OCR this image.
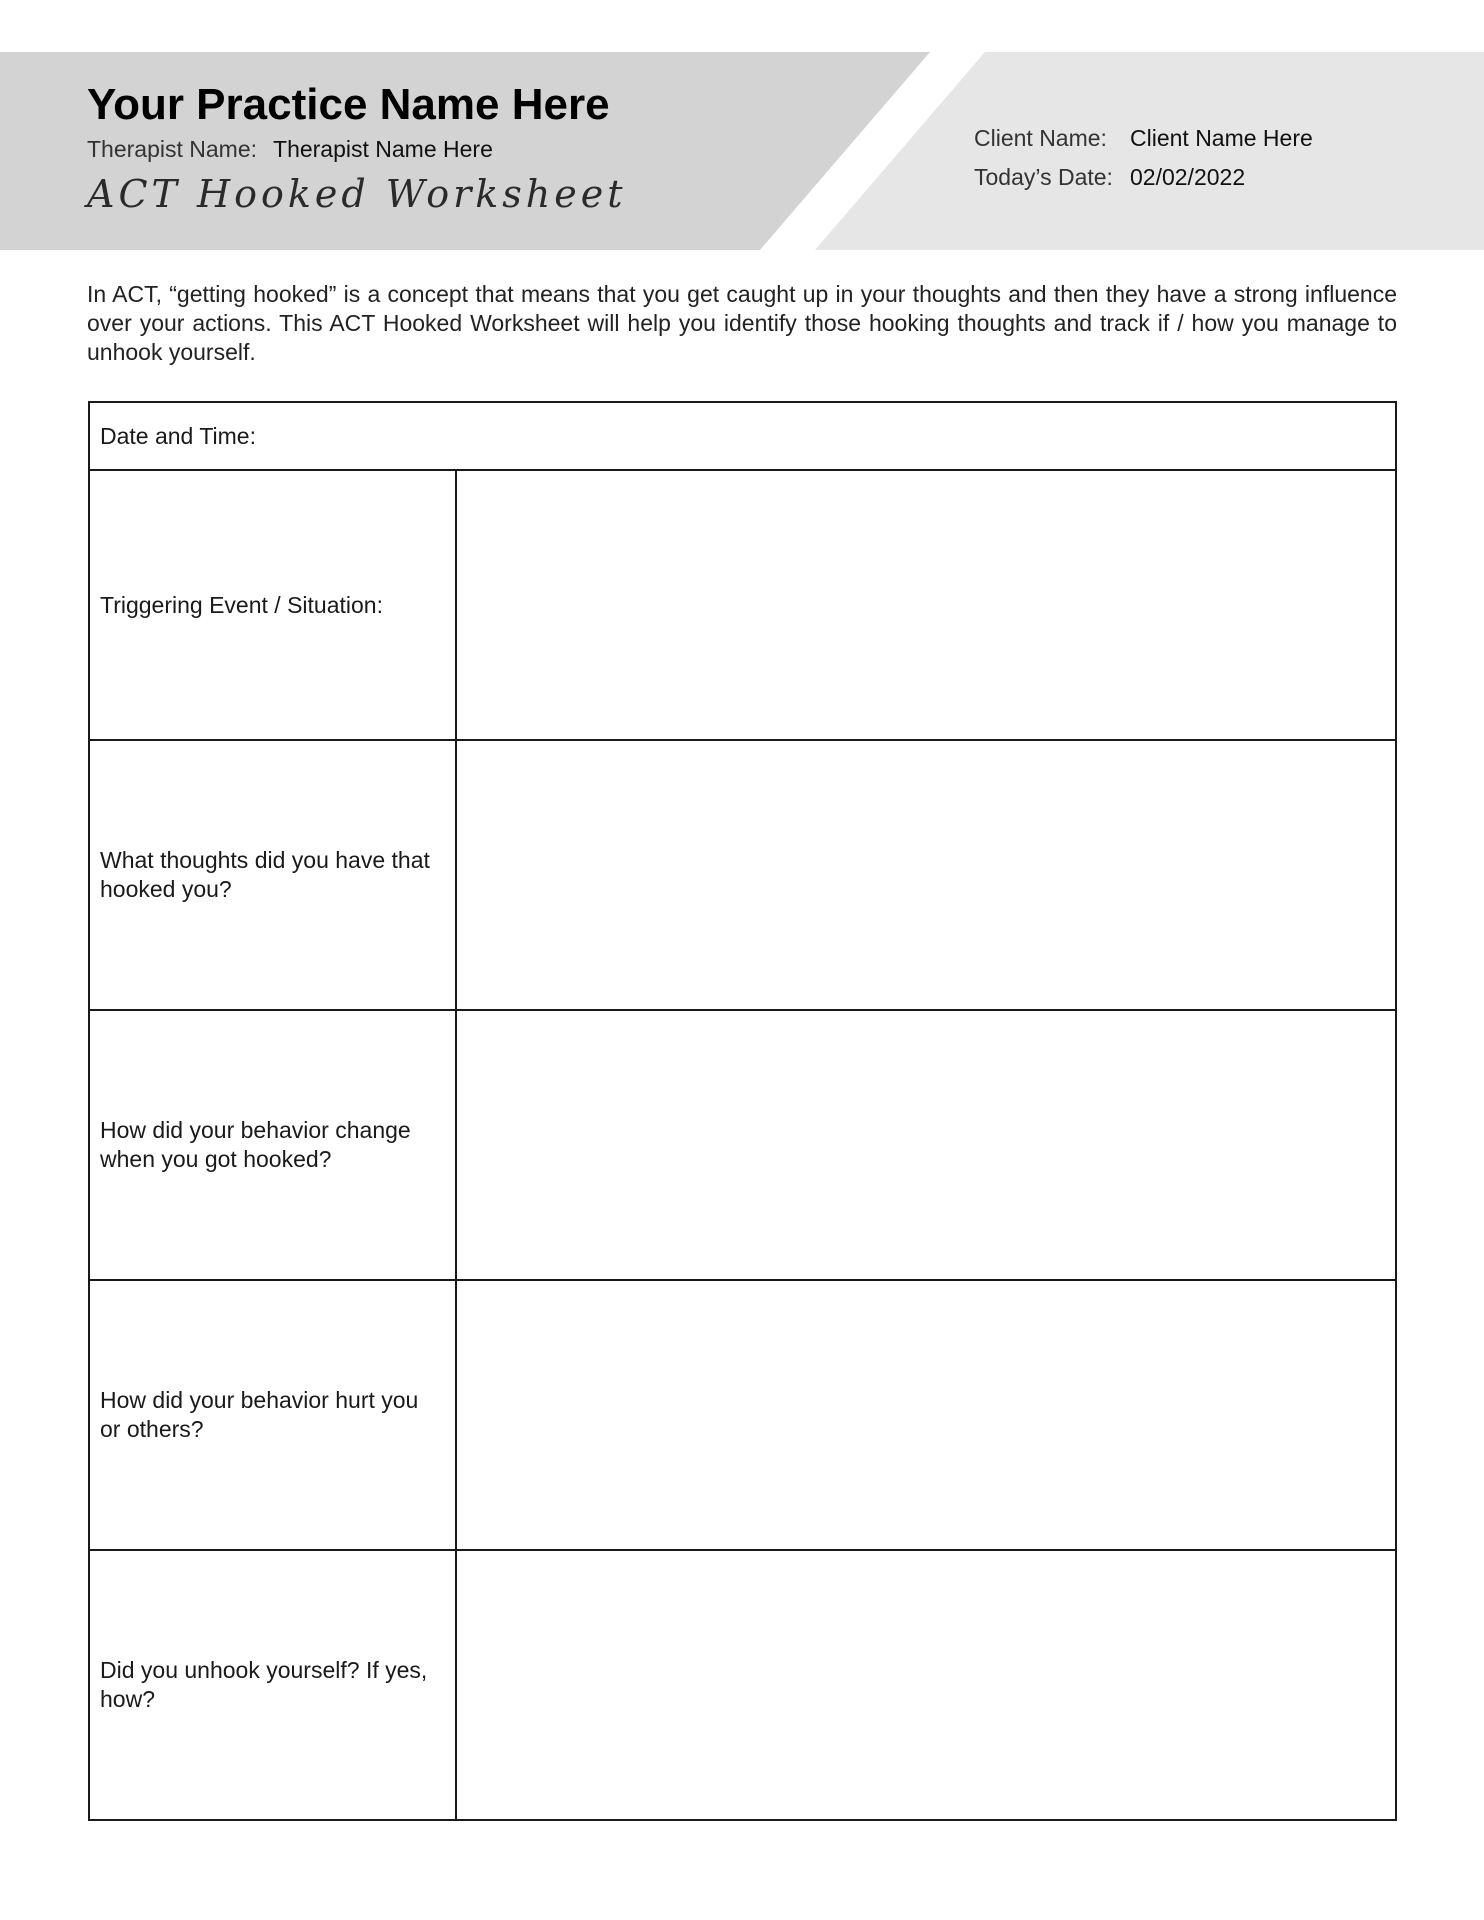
Your Practice Name Here
Therapist Name: Therapist Name Here
ACT Hooked Worksheet
Client Name: Client Name Here
Today’s Date: 02/02/2022
In ACT, “getting hooked” is a concept that means that you get caught up in your thoughts and then they have a strong influence over your actions. This ACT Hooked Worksheet will help you identify those hooking thoughts and track if / how you manage to unhook yourself.
Date and Time:	
Triggering Event / Situation:	
What thoughts did you have that hooked you?	
How did your behavior change when you got hooked?	
How did your behavior hurt you or others?	
Did you unhook yourself? If yes, how?	
